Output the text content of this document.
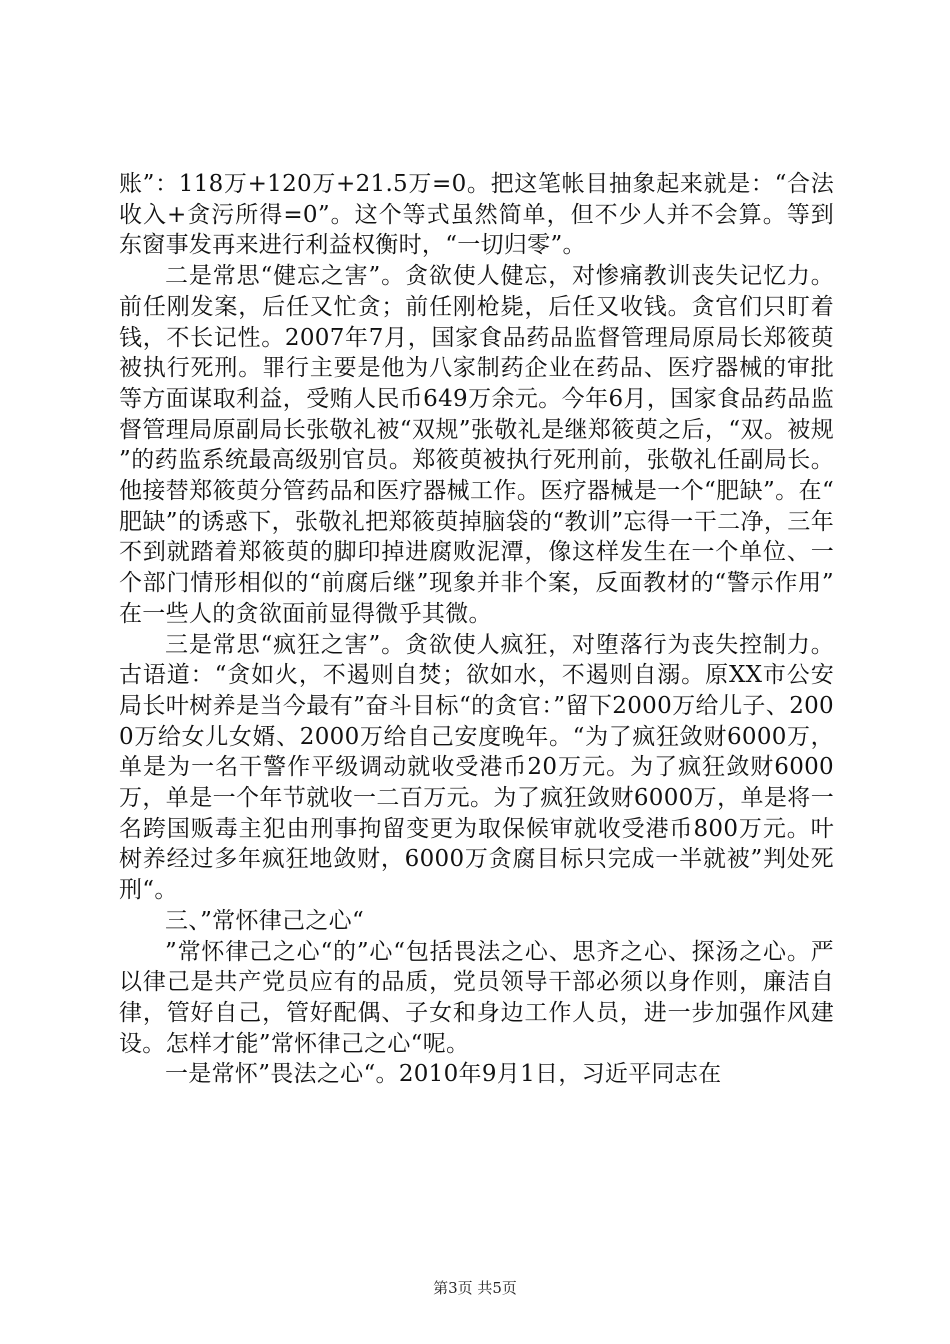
账”：118万+120万+21.5万=0。把这笔帐目抽象起来就是：“合法收入+贪污所得=0”。这个等式虽然简单，但不少人并不会算。等到东窗事发再来进行利益权衡时，“一切归零”。

二是常思“健忘之害”。贪欲使人健忘，对惨痛教训丧失记忆力。前任刚发案，后任又忙贪；前任刚枪毙，后任又收钱。贪官们只盯着钱，不长记性。2007年7月，国家食品药品监督管理局原局长郑筱萸被执行死刑。罪行主要是他为八家制药企业在药品、医疗器械的审批等方面谋取利益，受贿人民币649万余元。今年6月，国家食品药品监督管理局原副局长张敬礼被“双规”张敬礼是继郑筱萸之后，“双。被规”的药监系统最高级别官员。郑筱萸被执行死刑前，张敬礼任副局长。他接替郑筱萸分管药品和医疗器械工作。医疗器械是一个“肥缺”。在“肥缺”的诱惑下，张敬礼把郑筱萸掉脑袋的“教训”忘得一干二净，三年不到就踏着郑筱萸的脚印掉进腐败泥潭，像这样发生在一个单位、一个部门情形相似的“前腐后继”现象并非个案，反面教材的“警示作用”在一些人的贪欲面前显得微乎其微。

三是常思“疯狂之害”。贪欲使人疯狂，对堕落行为丧失控制力。古语道：“贪如火，不遏则自焚；欲如水，不遏则自溺。原XX市公安局长叶树养是当今最有”奋斗目标“的贪官：”留下2000万给儿子、2000万给女儿女婿、2000万给自己安度晚年。“为了疯狂敛财6000万，单是为一名干警作平级调动就收受港币20万元。为了疯狂敛财6000万，单是一个年节就收一二百万元。为了疯狂敛财6000万，单是将一名跨国贩毒主犯由刑事拘留变更为取保候审就收受港币800万元。叶树养经过多年疯狂地敛财，6000万贪腐目标只完成一半就被”判处死刑“。

三、”常怀律己之心“

”常怀律己之心“的”心“包括畏法之心、思齐之心、探汤之心。严以律己是共产党员应有的品质，党员领导干部必须以身作则，廉洁自律，管好自己，管好配偶、子女和身边工作人员，进一步加强作风建设。怎样才能”常怀律己之心“呢。

一是常怀”畏法之心“。2010年9月1日，习近平同志在

第3页 共5页
